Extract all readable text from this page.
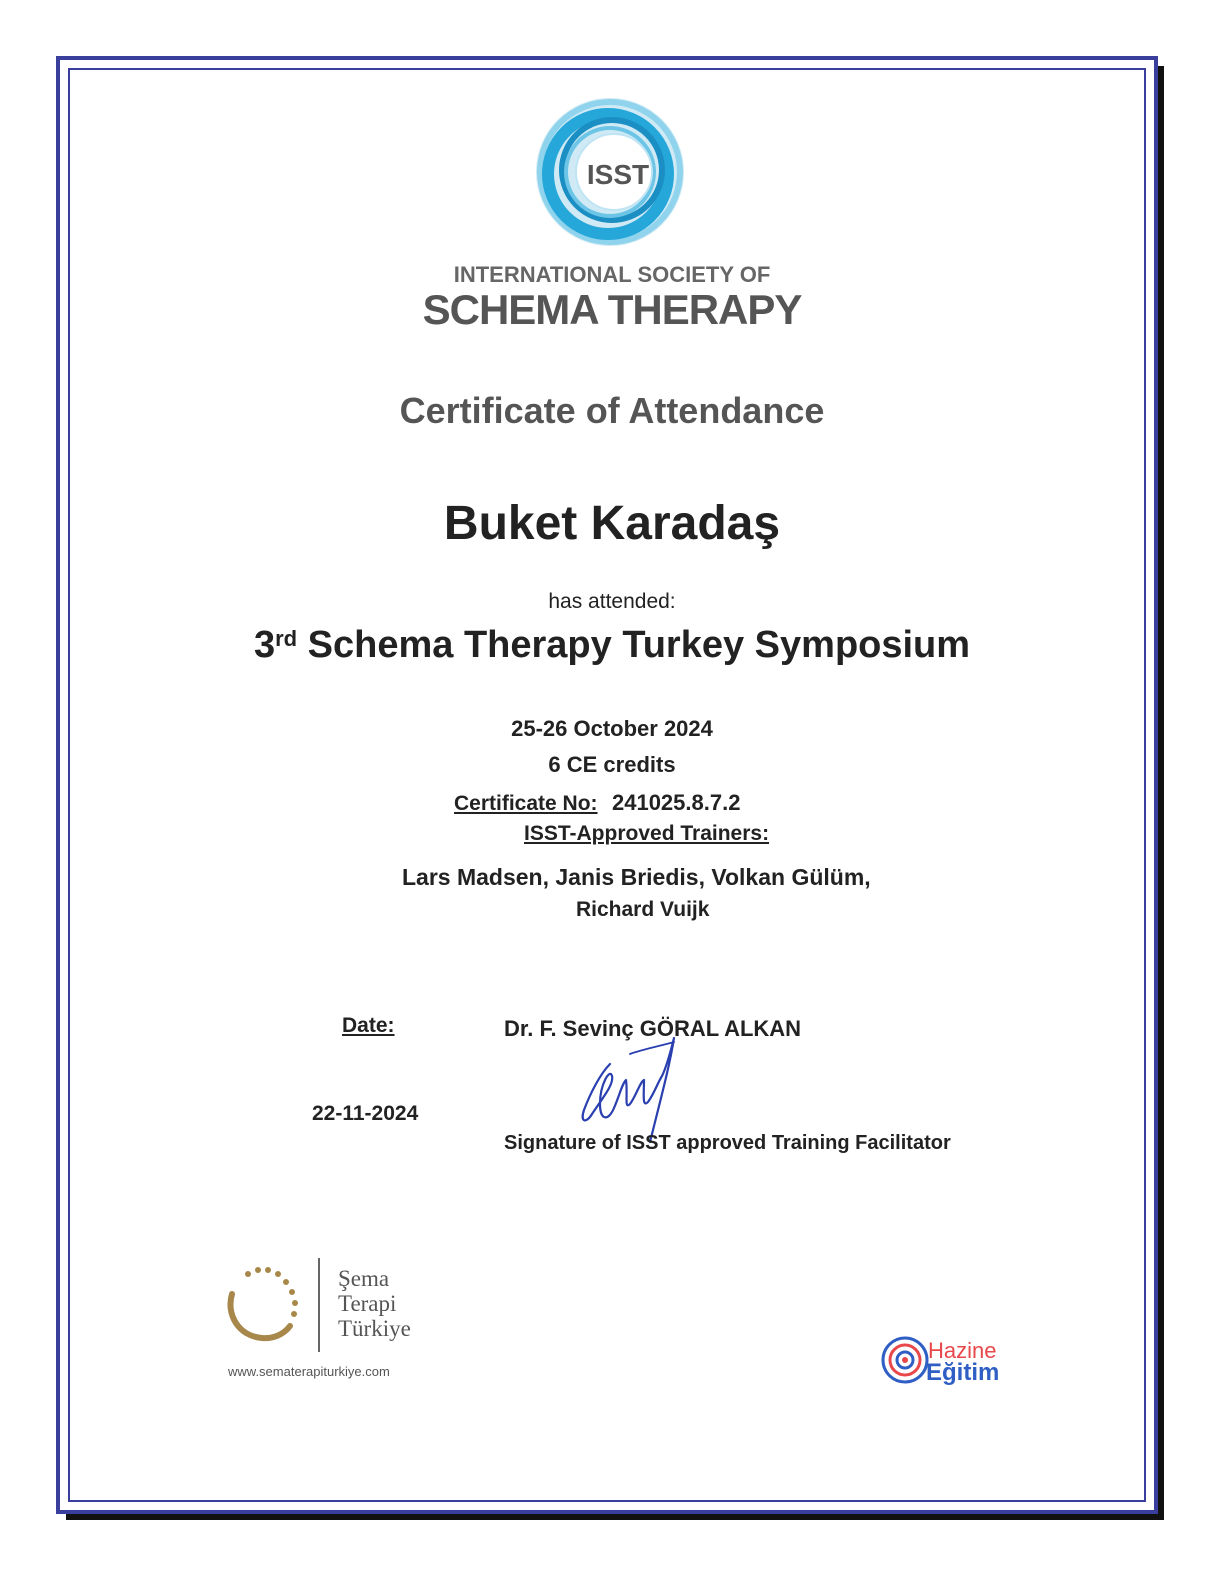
ISST
INTERNATIONAL SOCIETY OF
SCHEMA THERAPY
Certificate of Attendance
Buket Karadaş
has attended:
3rd Schema Therapy Turkey Symposium
25-26 October 2024
6 CE credits
Certificate No: 241025.8.7.2
ISST-Approved Trainers:
Lars Madsen, Janis Briedis, Volkan Gülüm,
Richard Vuijk
Date:
22-11-2024
Dr. F. Sevinç GÖRAL ALKAN
Signature of ISST approved Training Facilitator
Şema
Terapi
Türkiye
www.sematerapiturkiye.com
Hazine
Eğitim
